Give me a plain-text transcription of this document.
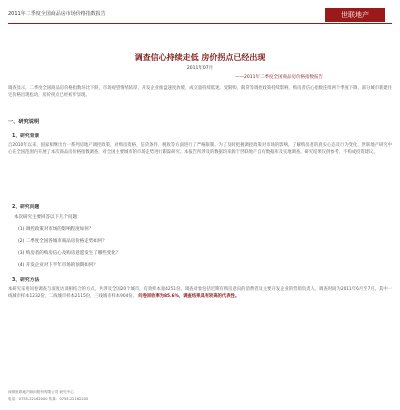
2011年二季度全国商品房市场价格指数报告	世联地产
调查信心持续走低 房价拐点已经出现
2011年07月
——2011年二季度全国商品房价格指数报告
调查显示，二季度全国商品房价格指数环比下跌，市场观望情绪浓厚，开发企业推盘速度放缓，成交量持续低迷。受限购、限贷等调控政策持续影响，购房者信心指数连续两个季度下降，部分城市新建住宅价格出现松动，房价拐点已经初步显现。
一、研究说明
1、研究背景
自2010年以来，国家相继出台一系列房地产调控政策，对购房资格、信贷条件、税收等方面进行了严格限制。为了及时把握调控政策对市场的影响，了解购房者的真实心态及行为变化，世联地产研究中心在全国范围内开展了本次商品房价格指数调查，对全国主要城市的市场走势进行跟踪研究。本报告所涉及的数据均来源于世联地产自有数据库及实地调查。研究结果仅供参考，不构成投资建议。
2、研究问题
本次研究主要回答以下几个问题：
(1) 调控政策对市场的影响程度如何？
(2) 二季度全国各城市商品房价格走势如何？
(3) 购房者的购房信心及购房意愿发生了哪些变化？
(4) 开发企业对下半年市场的预期如何？
3、研究方法
本研究采用问卷调查与深度访谈相结合的方式，共涉及全国20个城市，有效样本量4251份。调查对象包括近期有购房意向的消费者及主要开发企业的营销负责人，调查时间为2011年6月至7月。其中一线城市样本1232份，二线城市样本2115份，三线城市样本904份。 问卷回收率为85.6%，调查结果具有较高的代表性。
深圳世联地产顾问股份有限公司 研究中心
电话：0755-22162000 传真：0755-22162200
